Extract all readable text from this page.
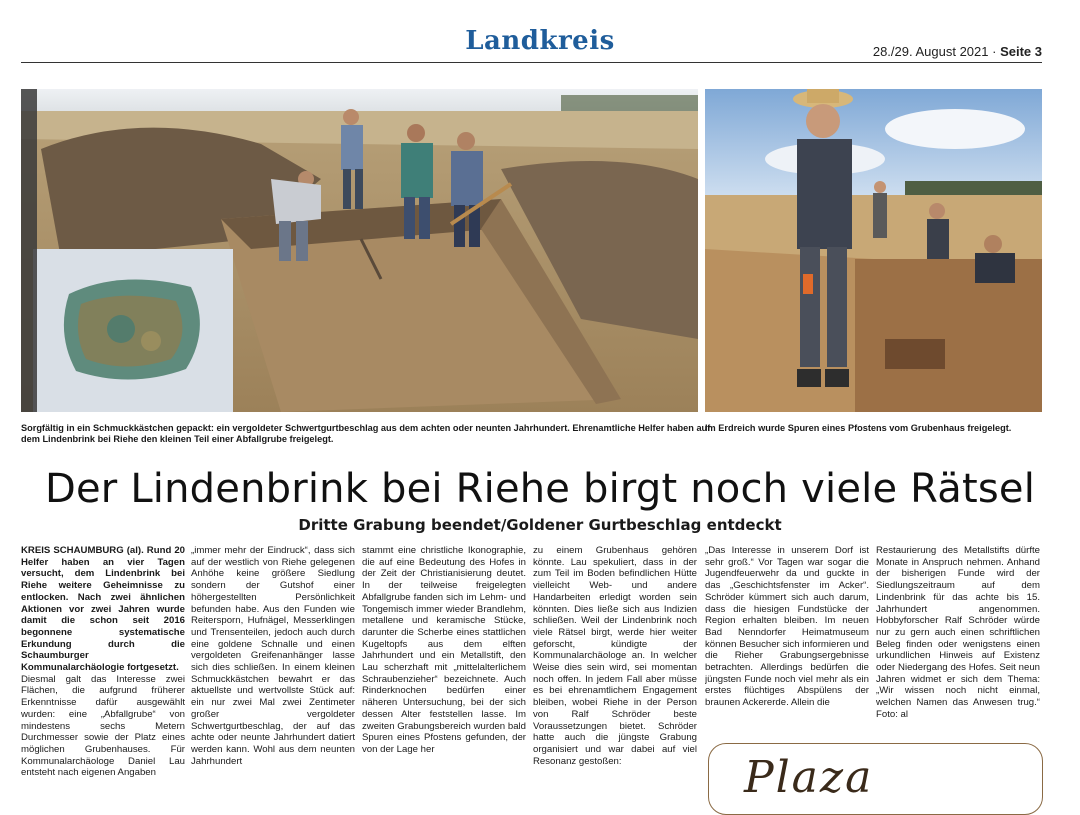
Landkreis	28./29. August 2021 · Seite 3
Sorgfältig in ein Schmuckkästchen gepackt: ein vergoldeter Schwertgurtbeschlag aus dem achten oder neunten Jahrhundert. Ehrenamtliche Helfer haben auf dem Lindenbrink bei Riehe den kleinen Teil einer Abfallgrube freigelegt.
Im Erdreich wurde Spuren eines Pfostens vom Grubenhaus freigelegt.
Der Lindenbrink bei Riehe birgt noch viele Rätsel
Dritte Grabung beendet/Goldener Gurtbeschlag entdeckt

KREIS SCHAUMBURG (al). Rund 20 Helfer haben an vier Tagen versucht, dem Lindenbrink bei Riehe weitere Geheimnisse zu entlocken. Nach zwei ähnlichen Aktionen vor zwei Jahren wurde damit die schon seit 2016 begonnene systematische Erkundung durch die Schaumburger Kommunalarchäologie fortgesetzt.

Diesmal galt das Interesse zwei Flächen, die aufgrund früherer Erkenntnisse dafür ausgewählt wurden: eine „Abfallgrube“ von mindestens sechs Metern Durchmesser sowie der Platz eines möglichen Grubenhauses. Für Kommunalarchäologe Daniel Lau entsteht nach eigenen Angaben

„immer mehr der Eindruck“, dass sich auf der westlich von Riehe gelegenen Anhöhe keine größere Siedlung sondern der Gutshof einer höhergestellten Persönlichkeit befunden habe. Aus den Funden wie Reitersporn, Hufnägel, Messerklingen und Trensenteilen, jedoch auch durch eine goldene Schnalle und einen vergoldeten Greifenanhänger lasse sich dies schließen. In einem kleinen Schmuckkästchen bewahrt er das aktuellste und wertvollste Stück auf: ein nur zwei Mal zwei Zentimeter großer vergoldeter Schwertgurtbeschlag, der auf das achte oder neunte Jahrhundert datiert werden kann. Wohl aus dem neunten Jahrhundert

stammt eine christliche Ikonographie, die auf eine Bedeutung des Hofes in der Zeit der Christianisierung deutet. In der teilweise freigelegten Abfallgrube fanden sich im Lehm- und Tongemisch immer wieder Brandlehm, metallene und keramische Stücke, darunter die Scherbe eines stattlichen Kugeltopfs aus dem elften Jahrhundert und ein Metallstift, den Lau scherzhaft mit „mittelalterlichem Schraubenzieher“ bezeichnete. Auch Rinderknochen bedürfen einer näheren Untersuchung, bei der sich dessen Alter feststellen lasse. Im zweiten Grabungsbereich wurden bald Spuren eines Pfostens gefunden, der von der Lage her

zu einem Grubenhaus gehören könnte. Lau spekuliert, dass in der zum Teil im Boden befindlichen Hütte vielleicht Web- und andere Handarbeiten erledigt worden sein könnten. Dies ließe sich aus Indizien schließen. Weil der Lindenbrink noch viele Rätsel birgt, werde hier weiter geforscht, kündigte der Kommunalarchäologe an. In welcher Weise dies sein wird, sei momentan noch offen. In jedem Fall aber müsse es bei ehrenamtlichem Engagement bleiben, wobei Riehe in der Person von Ralf Schröder beste Voraussetzungen bietet. Schröder hatte auch die jüngste Grabung organisiert und war dabei auf viel Resonanz gestoßen:

„Das Interesse in unserem Dorf ist sehr groß.“ Vor Tagen war sogar die Jugendfeuerwehr da und guckte in das „Geschichtsfenster im Acker“. Schröder kümmert sich auch darum, dass die hiesigen Fundstücke der Region erhalten bleiben. Im neuen Bad Nenndorfer Heimatmuseum können Besucher sich informieren und die Rieher Grabungsergebnisse betrachten. Allerdings bedürfen die jüngsten Funde noch viel mehr als ein erstes flüchtiges Abspülens der braunen Ackererde. Allein die

Restaurierung des Metallstifts dürfte Monate in Anspruch nehmen. Anhand der bisherigen Funde wird der Siedlungszeitraum auf dem Lindenbrink für das achte bis 15. Jahrhundert angenommen. Hobbyforscher Ralf Schröder würde nur zu gern auch einen schriftlichen Beleg finden oder wenigstens einen urkundlichen Hinweis auf Existenz oder Niedergang des Hofes. Seit neun Jahren widmet er sich dem Thema: „Wir wissen noch nicht einmal, welchen Namen das Anwesen trug.“ Foto: al

Plaza
